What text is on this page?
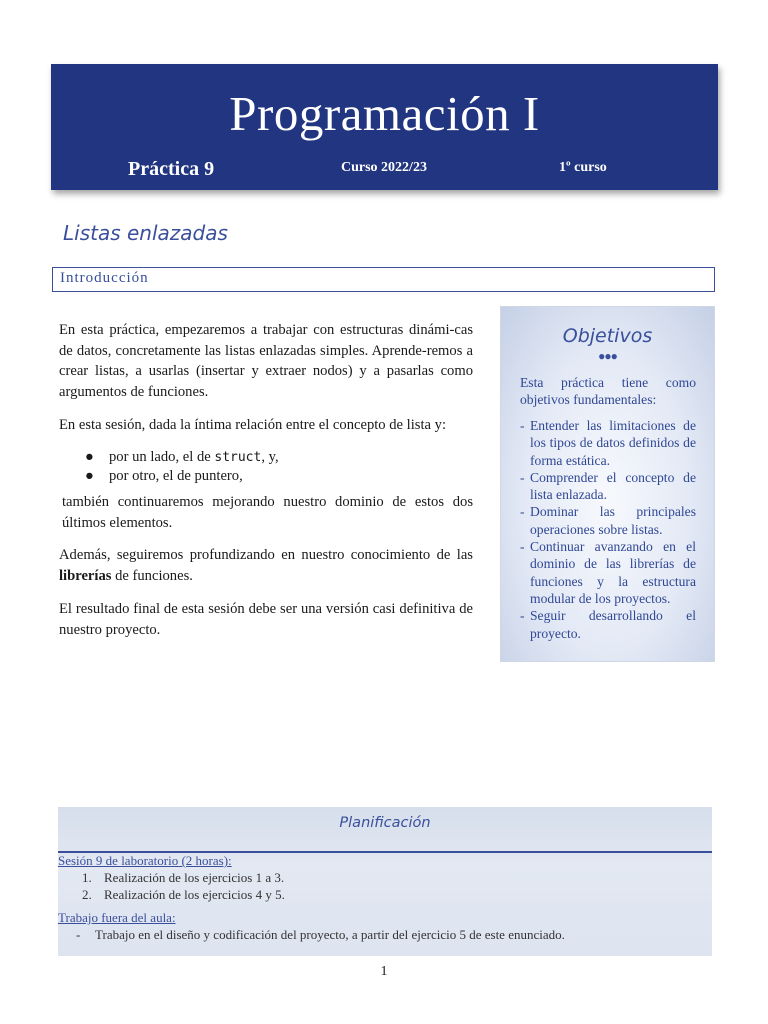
Programación I
Práctica 9	Curso 2022/23	1º curso
Listas enlazadas
Introducción
En esta práctica, empezaremos a trabajar con estructuras dinámi-cas de datos, concretamente las listas enlazadas simples. Aprende-remos a crear listas, a usarlas (insertar y extraer nodos) y a pasarlas como argumentos de funciones.
En esta sesión, dada la íntima relación entre el concepto de lista y:
● por un lado, el de struct, y,
● por otro, el de puntero,
también continuaremos mejorando nuestro dominio de estos dos últimos elementos.
Además, seguiremos profundizando en nuestro conocimiento de las librerías de funciones.
El resultado final de esta sesión debe ser una versión casi definitiva de nuestro proyecto.
Objetivos
●●●
Esta práctica tiene como objetivos fundamentales:
- Entender las limitaciones de los tipos de datos definidos de forma estática.
- Comprender el concepto de lista enlazada.
- Dominar las principales operaciones sobre listas.
- Continuar avanzando en el dominio de las librerías de funciones y la estructura modular de los proyectos.
- Seguir desarrollando el proyecto.
Planificación
Sesión 9 de laboratorio (2 horas):
1. Realización de los ejercicios 1 a 3.
2. Realización de los ejercicios 4 y 5.
Trabajo fuera del aula:
- Trabajo en el diseño y codificación del proyecto, a partir del ejercicio 5 de este enunciado.
1
